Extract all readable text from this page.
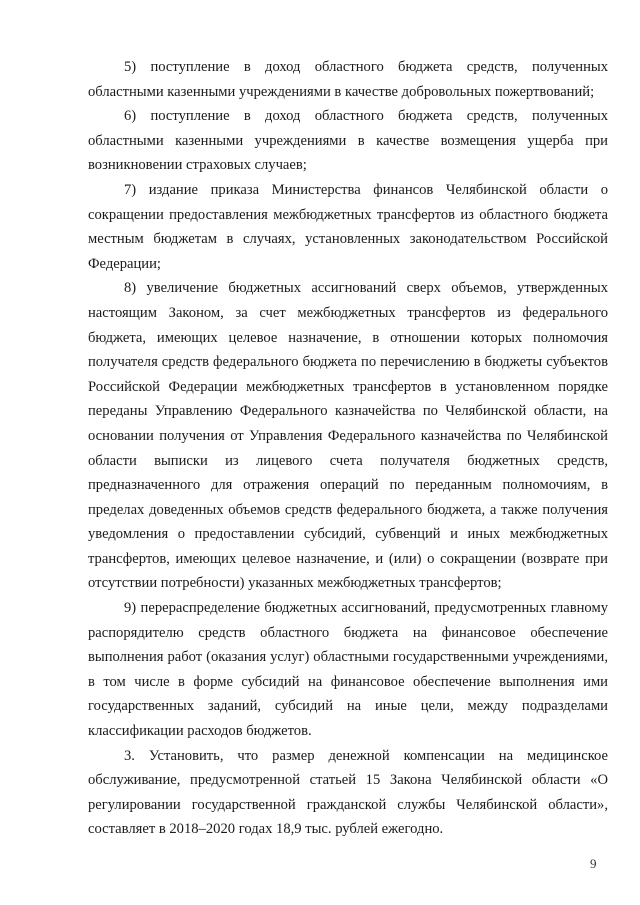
5) поступление в доход областного бюджета средств, полученных областными казенными учреждениями в качестве добровольных пожертвований;

6) поступление в доход областного бюджета средств, полученных областными казенными учреждениями в качестве возмещения ущерба при возникновении страховых случаев;

7) издание приказа Министерства финансов Челябинской области о сокращении предоставления межбюджетных трансфертов из областного бюджета местным бюджетам в случаях, установленных законодательством Российской Федерации;

8) увеличение бюджетных ассигнований сверх объемов, утвержденных настоящим Законом, за счет межбюджетных трансфертов из федерального бюджета, имеющих целевое назначение, в отношении которых полномочия получателя средств федерального бюджета по перечислению в бюджеты субъектов Российской Федерации межбюджетных трансфертов в установленном порядке переданы Управлению Федерального казначейства по Челябинской области, на основании получения от Управления Федерального казначейства по Челябинской области выписки из лицевого счета получателя бюджетных средств, предназначенного для отражения операций по переданным полномочиям, в пределах доведенных объемов средств федерального бюджета, а также получения уведомления о предоставлении субсидий, субвенций и иных межбюджетных трансфертов, имеющих целевое назначение, и (или) о сокращении (возврате при отсутствии потребности) указанных межбюджетных трансфертов;

9) перераспределение бюджетных ассигнований, предусмотренных главному распорядителю средств областного бюджета на финансовое обеспечение выполнения работ (оказания услуг) областными государственными учреждениями, в том числе в форме субсидий на финансовое обеспечение выполнения ими государственных заданий, субсидий на иные цели, между подразделами классификации расходов бюджетов.

3. Установить, что размер денежной компенсации на медицинское обслуживание, предусмотренной статьей 15 Закона Челябинской области «О регулировании государственной гражданской службы Челябинской области», составляет в 2018–2020 годах 18,9 тыс. рублей ежегодно.

9
